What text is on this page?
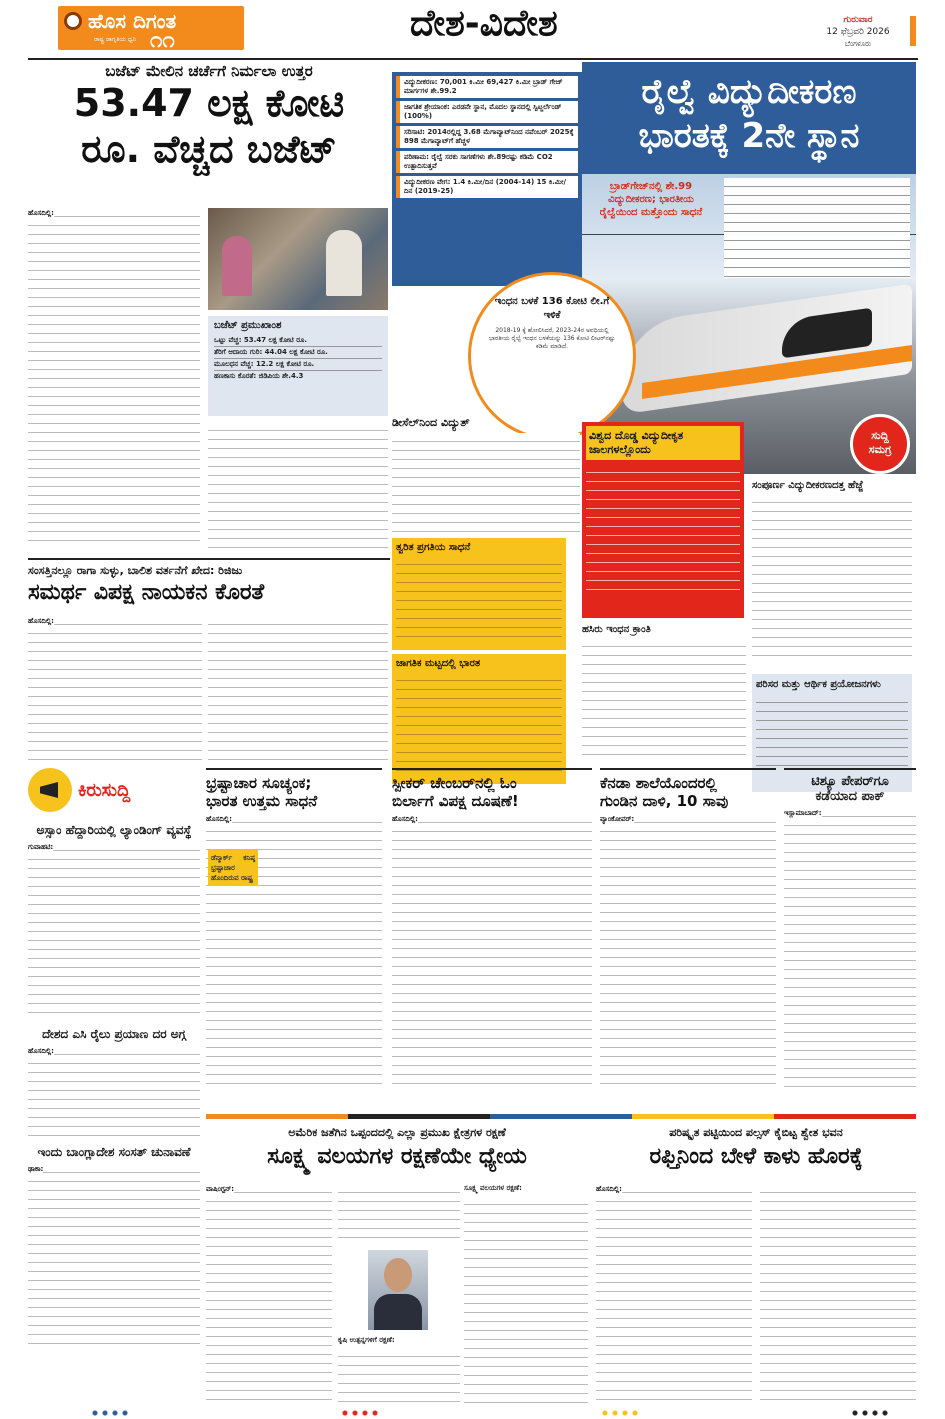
ಹೊಸ ದಿಗಂತ
ರಾಷ್ಟ್ರ ಜಾಗೃತಿಯ ಧ್ವನಿ ೧೧	ದೇಶ-ವಿದೇಶ	ಗುರುವಾರ
12 ಫೆಬ್ರವರಿ 2026
ಬೆಂಗಳೂರು
ಬಜೆಟ್ ಮೇಲಿನ ಚರ್ಚೆಗೆ ನಿರ್ಮಲಾ ಉತ್ತರ
53.47 ಲಕ್ಷ ಕೋಟಿ
ರೂ. ವೆಚ್ಚದ ಬಜೆಟ್
ಹೊಸದಿಲ್ಲಿ:
ಬಜೆಟ್ ಪ್ರಮುಖಾಂಶ
ಒಟ್ಟು ವೆಚ್ಚ: 53.47 ಲಕ್ಷ ಕೋಟಿ ರೂ.
ತೆರಿಗೆ ಆದಾಯ ಗುರಿ: 44.04 ಲಕ್ಷ ಕೋಟಿ ರೂ.
ಮೂಲಧನ ವೆಚ್ಚ: 12.2 ಲಕ್ಷ ಕೋಟಿ ರೂ.
ಹಣಕಾಸು ಕೊರತೆ: ಜಿಡಿಪಿಯ ಶೇ.4.3
ವಿದ್ಯುದೀಕರಣ: 70,001 ಕಿ.ಮೀ 69,427 ಕಿ.ಮೀ ಬ್ರಾಡ್ ಗೇಜ್ ಮಾರ್ಗಗಳ ಶೇ.99.2
ಜಾಗತಿಕ ಶ್ರೇಯಾಂಕ: ಎರಡನೇ ಸ್ಥಾನ, ಮೊದಲ ಸ್ಥಾನದಲ್ಲಿ ಸ್ವಿಟ್ಜರ್ಲೆಂಡ್ (100%)
ಸರಿಸಾಟಿ: 2014ರಲ್ಲಿದ್ದ 3.68 ಮೆಗಾವ್ಯಾಟ್‌ನಿಂದ ನವೆಂಬರ್ 2025ಕ್ಕೆ 898 ಮೆಗಾವ್ಯಾಟ್‌ಗೆ ಹೆಚ್ಚಳ
ಪರಿಣಾಮ: ರೈಲ್ವೆ ಸರಕು ಸಾಗಣೆಗಳು ಶೇ.89ರಷ್ಟು ಕಡಿಮೆ CO2 ಉತ್ಪಾದಿಸುತ್ತವೆ
ವಿದ್ಯುದೀಕರಣ ವೇಗ: 1.4 ಕಿ.ಮೀ/ದಿನ (2004-14) 15 ಕಿ.ಮೀ/ದಿನ (2019-25)
ರೈಲ್ವೆ ವಿದ್ಯುದೀಕರಣ
ಭಾರತಕ್ಕೆ 2ನೇ ಸ್ಥಾನ
ಬ್ರಾಡ್‌ಗೇಜ್‌ನಲ್ಲಿ ಶೇ.99 ವಿದ್ಯುದೀಕರಣ; ಭಾರತೀಯ ರೈಲ್ವೆಯಿಂದ ಮತ್ತೊಂದು ಸಾಧನೆ
ಇಂಧನ ಬಳಕೆ 136 ಕೋಟಿ ಲೀ.ಗೆ ಇಳಿಕೆ
2018-19 ಕ್ಕೆ ಹೋಲಿಸಿದರೆ, 2023-24ರ ಅವಧಿಯಲ್ಲಿ ಭಾರತೀಯ ರೈಲ್ವೆ ಇಂಧನ ಬಳಕೆಯನ್ನು 136 ಕೋಟಿ ಲೀಟರ್‌ನಷ್ಟು ಕಡಿಮೆ ಮಾಡಿದೆ.
ಸುದ್ದಿ
ಸಮಗ್ರ
ಡೀಸೆಲ್‌ನಿಂದ ವಿದ್ಯುತ್
ವಿಶ್ವದ ದೊಡ್ಡ ವಿದ್ಯುದೀಕೃತ ಜಾಲಗಳಲ್ಲೊಂದು
ಸಂಪೂರ್ಣ ವಿದ್ಯುದೀಕರಣದತ್ತ ಹೆಜ್ಜೆ
ತ್ವರಿತ ಪ್ರಗತಿಯ ಸಾಧನೆ
ಹಸಿರು ಇಂಧನ ಕ್ರಾಂತಿ
ಜಾಗತಿಕ ಮಟ್ಟದಲ್ಲಿ ಭಾರತ
ಪರಿಸರ ಮತ್ತು ಆರ್ಥಿಕ ಪ್ರಯೋಜನಗಳು
ಸಂಸತ್ತಿನಲ್ಲೂ ರಾಗಾ ಸುಳ್ಳು, ಬಾಲಿಶ ವರ್ತನೆಗೆ ಖೇದ: ರಿಜಿಜು
ಸಮರ್ಥ ವಿಪಕ್ಷ ನಾಯಕನ ಕೊರತೆ
ಹೊಸದಿಲ್ಲಿ:
ಕಿರುಸುದ್ದಿ
ಅಸ್ಸಾಂ ಹೆದ್ದಾರಿಯಲ್ಲಿ ಲ್ಯಾಂಡಿಂಗ್ ವ್ಯವಸ್ಥೆ
ಗುವಾಹಟಿ:
ದೇಶದ ಎಸಿ ರೈಲು ಪ್ರಯಾಣ ದರ ಅಗ್ಗ
ಹೊಸದಿಲ್ಲಿ:
ಇಂದು ಬಾಂಗ್ಲಾದೇಶ ಸಂಸತ್ ಚುನಾವಣೆ
ಢಾಕಾ:
ಭ್ರಷ್ಟಾಚಾರ ಸೂಚ್ಯಂಕ;
ಭಾರತ ಉತ್ತಮ ಸಾಧನೆ
ಹೊಸದಿಲ್ಲಿ:
ಡೆನ್ಮಾರ್ಕ್ ಕನಿಷ್ಠ ಭ್ರಷ್ಟಾಚಾರ ಹೊಂದಿರುವ ರಾಷ್ಟ್ರ
ಸ್ಪೀಕರ್ ಚೇಂಬರ್‌ನಲ್ಲಿ ಓಂ
ಬಿರ್ಲಾಗೆ ವಿಪಕ್ಷ ದೂಷಣೆ!
ಹೊಸದಿಲ್ಲಿ:
ಕೆನಡಾ ಶಾಲೆಯೊಂದರಲ್ಲಿ
ಗುಂಡಿನ ದಾಳಿ, 10 ಸಾವು
ವ್ಯಾಂಕೋವರ್:
ಟಿಶ್ಯೂ ಪೇಪರ್‌ಗೂ
ಕಡೆಯಾದ ಪಾಕ್
ಇಸ್ಲಾಮಾಬಾದ್:
ಅಮೆರಿಕ ಜತೆಗಿನ ಒಪ್ಪಂದದಲ್ಲಿ ಎಲ್ಲಾ ಪ್ರಮುಖ ಕ್ಷೇತ್ರಗಳ ರಕ್ಷಣೆ
ಸೂಕ್ಷ್ಮ ವಲಯಗಳ ರಕ್ಷಣೆಯೇ ಧ್ಯೇಯ
ವಾಷಿಂಗ್ಟನ್:	ಸೂಕ್ಷ್ಮ ವಲಯಗಳ ರಕ್ಷಣೆ:
ಕೃಷಿ ಉತ್ಪನ್ನಗಳಿಗೆ ರಕ್ಷಣೆ:
ಪರಿಷ್ಕೃತ ಪಟ್ಟಿಯಿಂದ ಪಲ್ಸಸ್ ಕೈಬಿಟ್ಟ ಶ್ವೇತ ಭವನ
ರಫ್ತಿನಿಂದ ಬೇಳೆ ಕಾಳು ಹೊರಕ್ಕೆ
ಹೊಸದಿಲ್ಲಿ:
